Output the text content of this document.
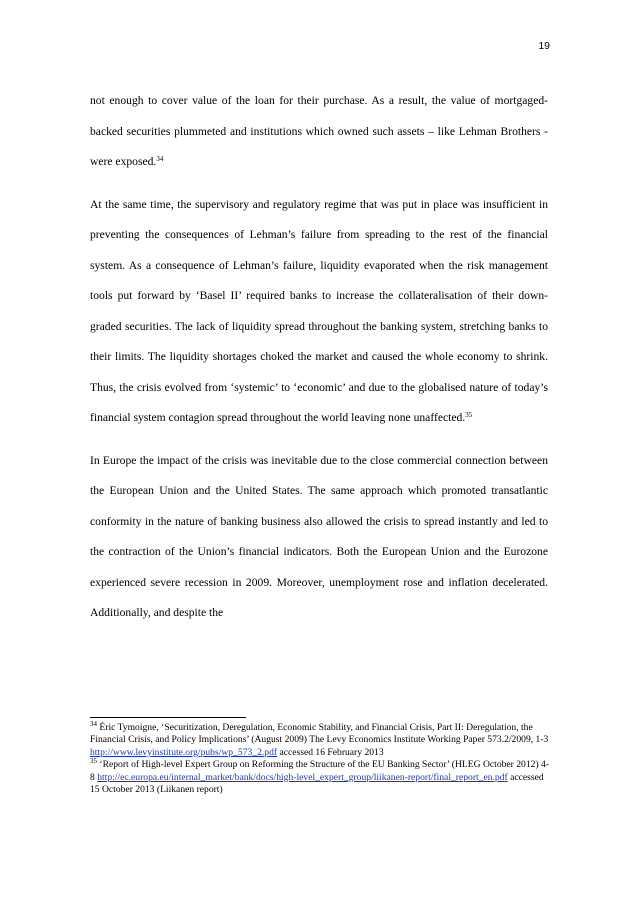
19

not enough to cover value of the loan for their purchase. As a result, the value of mortgaged-backed securities plummeted and institutions which owned such assets – like Lehman Brothers - were exposed.$^{34}$

At the same time, the supervisory and regulatory regime that was put in place was insufficient in preventing the consequences of Lehman’s failure from spreading to the rest of the financial system. As a consequence of Lehman’s failure, liquidity evaporated when the risk management tools put forward by ‘Basel II’ required banks to increase the collateralisation of their down-graded securities. The lack of liquidity spread throughout the banking system, stretching banks to their limits. The liquidity shortages choked the market and caused the whole economy to shrink. Thus, the crisis evolved from ‘systemic’ to ‘economic’ and due to the globalised nature of today’s financial system contagion spread throughout the world leaving none unaffected.$^{35}$

In Europe the impact of the crisis was inevitable due to the close commercial connection between the European Union and the United States. The same approach which promoted transatlantic conformity in the nature of banking business also allowed the crisis to spread instantly and led to the contraction of the Union’s financial indicators. Both the European Union and the Eurozone experienced severe recession in 2009. Moreover, unemployment rose and inflation decelerated. Additionally, and despite the

$^{34}$ Éric Tymoigne, ‘Securitization, Deregulation, Economic Stability, and Financial Crisis, Part II: Deregulation, the Financial Crisis, and Policy Implications’ (August 2009) The Levy Economics Institute Working Paper 573.2/2009, 1-3
http://www.levyinstitute.org/pubs/wp_573_2.pdf accessed 16 February 2013

$^{35}$ ‘Report of High-level Expert Group on Reforming the Structure of the EU Banking Sector’ (HLEG October 2012) 4-8 http://ec.europa.eu/internal_market/bank/docs/high-level_expert_group/liikanen-report/final_report_en.pdf accessed 15 October 2013 (Liikanen report)
